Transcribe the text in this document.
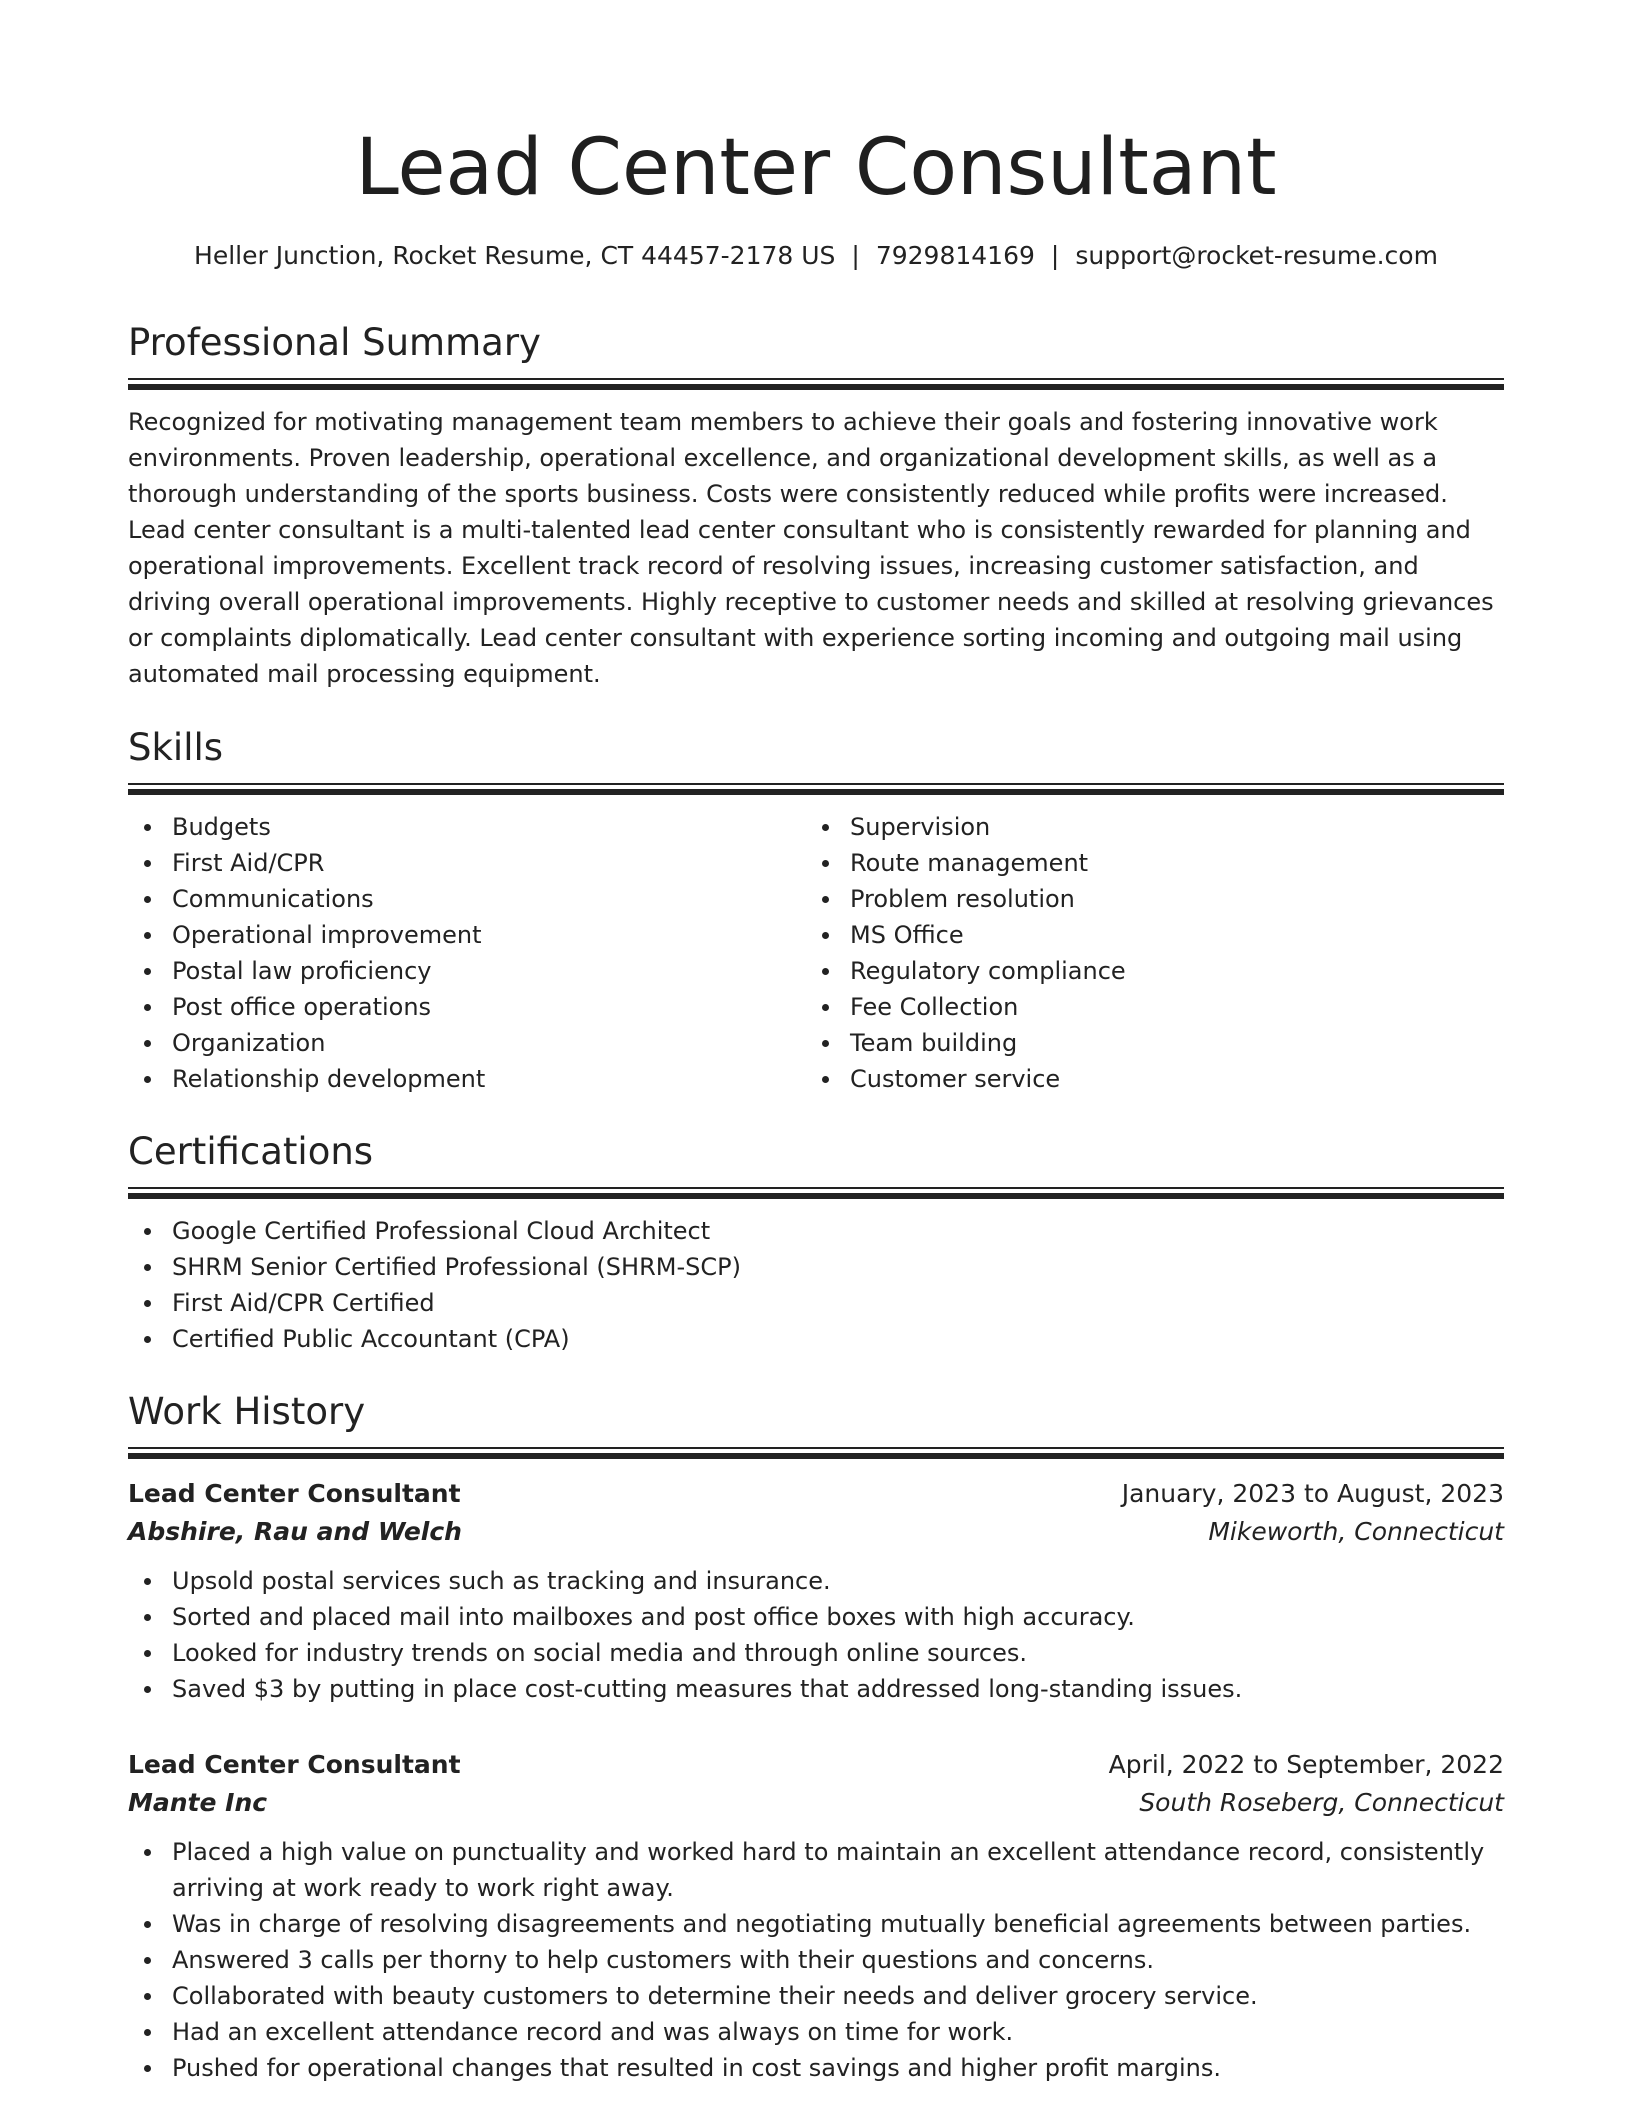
Lead Center Consultant
Heller Junction, Rocket Resume, CT 44457-2178 US | 7929814169 | support@rocket-resume.com
Professional Summary
Recognized for motivating management team members to achieve their goals and fostering innovative work environments. Proven leadership, operational excellence, and organizational development skills, as well as a thorough understanding of the sports business. Costs were consistently reduced while profits were increased. Lead center consultant is a multi-talented lead center consultant who is consistently rewarded for planning and operational improvements. Excellent track record of resolving issues, increasing customer satisfaction, and driving overall operational improvements. Highly receptive to customer needs and skilled at resolving grievances or complaints diplomatically. Lead center consultant with experience sorting incoming and outgoing mail using automated mail processing equipment.
Skills
Budgets
First Aid/CPR
Communications
Operational improvement
Postal law proficiency
Post office operations
Organization
Relationship development
Supervision
Route management
Problem resolution
MS Office
Regulatory compliance
Fee Collection
Team building
Customer service
Certifications
Google Certified Professional Cloud Architect
SHRM Senior Certified Professional (SHRM-SCP)
First Aid/CPR Certified
Certified Public Accountant (CPA)
Work History
Lead Center Consultant	January, 2023 to August, 2023
Abshire, Rau and Welch	Mikeworth, Connecticut
Upsold postal services such as tracking and insurance.
Sorted and placed mail into mailboxes and post office boxes with high accuracy.
Looked for industry trends on social media and through online sources.
Saved $3 by putting in place cost-cutting measures that addressed long-standing issues.
Lead Center Consultant	April, 2022 to September, 2022
Mante Inc	South Roseberg, Connecticut
Placed a high value on punctuality and worked hard to maintain an excellent attendance record, consistently arriving at work ready to work right away.
Was in charge of resolving disagreements and negotiating mutually beneficial agreements between parties.
Answered 3 calls per thorny to help customers with their questions and concerns.
Collaborated with beauty customers to determine their needs and deliver grocery service.
Had an excellent attendance record and was always on time for work.
Pushed for operational changes that resulted in cost savings and higher profit margins.
